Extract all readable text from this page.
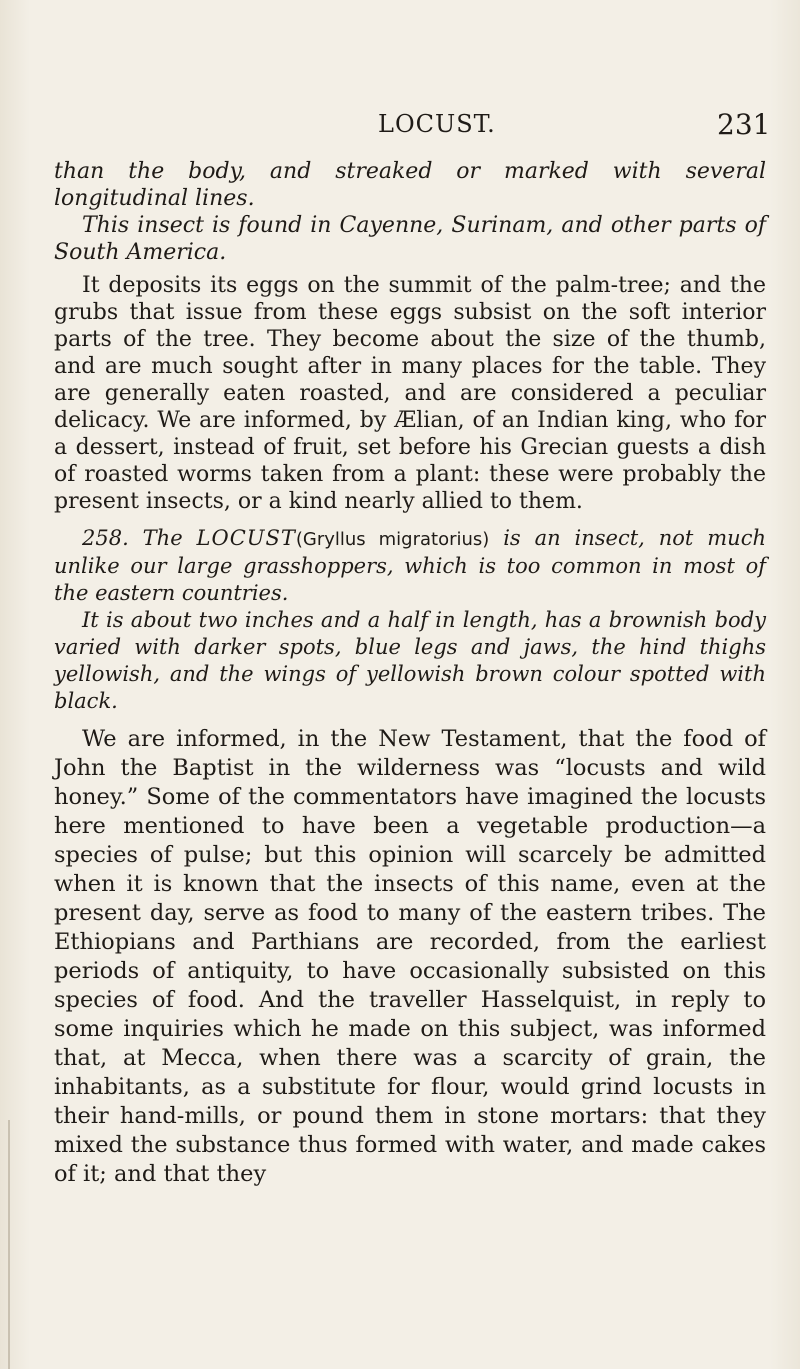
LOCUST.	231

than the body, and streaked or marked with several longitudinal lines.

This insect is found in Cayenne, Surinam, and other parts of South America.

It deposits its eggs on the summit of the palm-tree; and the grubs that issue from these eggs subsist on the soft interior parts of the tree. They become about the size of the thumb, and are much sought after in many places for the table. They are generally eaten roasted, and are considered a peculiar delicacy. We are informed, by Ælian, of an Indian king, who for a dessert, instead of fruit, set before his Grecian guests a dish of roasted worms taken from a plant: these were probably the present insects, or a kind nearly allied to them.

258. The LOCUST(Gryllus migratorius) is an insect, not much unlike our large grasshoppers, which is too common in most of the eastern countries.

It is about two inches and a half in length, has a brownish body varied with darker spots, blue legs and jaws, the hind thighs yellowish, and the wings of yellowish brown colour spotted with black.

We are informed, in the New Testament, that the food of John the Baptist in the wilderness was “locusts and wild honey.” Some of the commentators have imagined the locusts here mentioned to have been a vegetable production—a species of pulse; but this opinion will scarcely be admitted when it is known that the insects of this name, even at the present day, serve as food to many of the eastern tribes. The Ethiopians and Parthians are recorded, from the earliest periods of antiquity, to have occasionally subsisted on this species of food. And the traveller Hasselquist, in reply to some inquiries which he made on this subject, was informed that, at Mecca, when there was a scarcity of grain, the inhabitants, as a substitute for flour, would grind locusts in their hand-mills, or pound them in stone mortars: that they mixed the substance thus formed with water, and made cakes of it; and that they
